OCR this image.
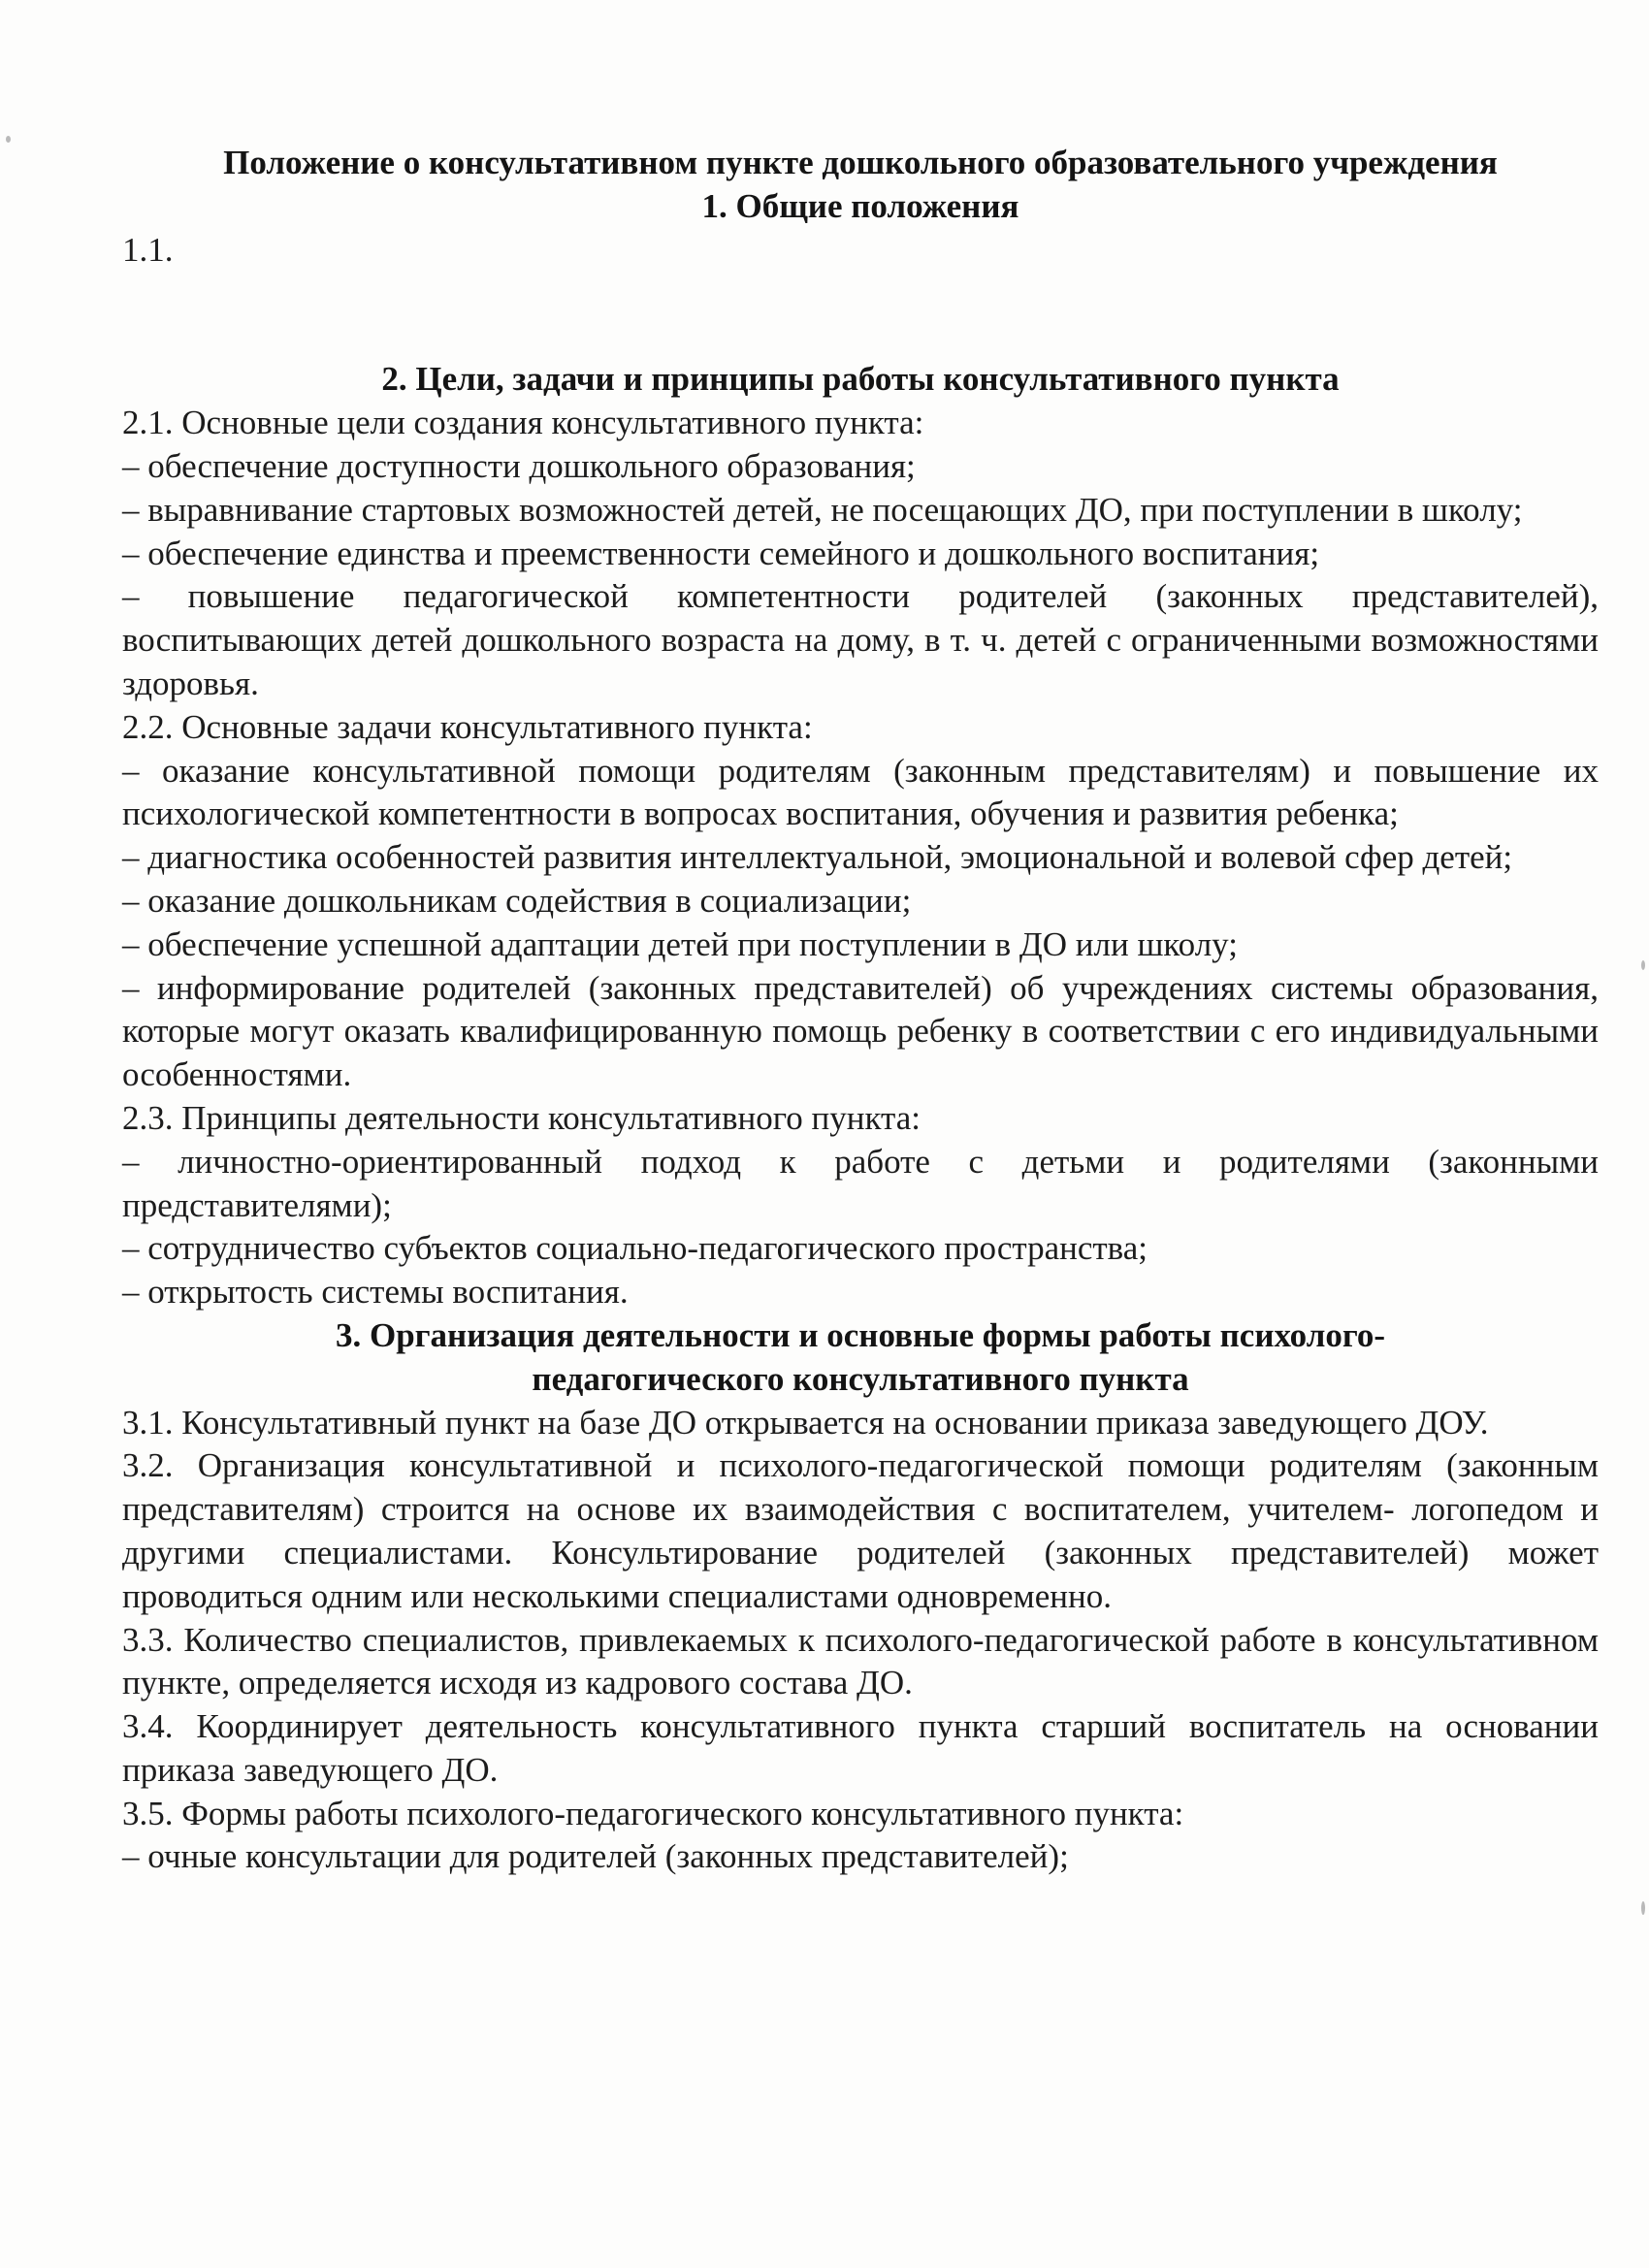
Положение о консультативном пункте дошкольного образовательного учреждения
1. Общие положения

1.1.

2. Цели, задачи и принципы работы консультативного пункта

2.1. Основные цели создания консультативного пункта:

– обеспечение доступности дошкольного образования;

– выравнивание стартовых возможностей детей, не посещающих ДО, при поступлении в школу;

– обеспечение единства и преемственности семейного и дошкольного воспитания;

– повышение педагогической компетентности родителей (законных представителей), воспитывающих детей дошкольного возраста на дому, в т. ч. детей с ограниченными возможностями здоровья.

2.2. Основные задачи консультативного пункта:

– оказание консультативной помощи родителям (законным представителям) и повышение их психологической компетентности в вопросах воспитания, обучения и развития ребенка;

– диагностика особенностей развития интеллектуальной, эмоциональной и волевой сфер детей;

– оказание дошкольникам содействия в социализации;

– обеспечение успешной адаптации детей при поступлении в ДО или школу;

– информирование родителей (законных представителей) об учреждениях системы образования, которые могут оказать квалифицированную помощь ребенку в соответствии с его индивидуальными особенностями.

2.3. Принципы деятельности консультативного пункта:

– личностно-ориентированный подход к работе с детьми и родителями (законными представителями);

– сотрудничество субъектов социально-педагогического пространства;

– открытость системы воспитания.

3. Организация деятельности и основные формы работы психолого-
педагогического консультативного пункта

3.1. Консультативный пункт на базе ДО открывается на основании приказа заведующего ДОУ.

3.2. Организация консультативной и психолого-педагогической помощи родителям (законным представителям) строится на основе их взаимодействия с воспитателем, учителем- логопедом и другими специалистами. Консультирование родителей (законных представителей) может проводиться одним или несколькими специалистами одновременно.

3.3. Количество специалистов, привлекаемых к психолого-педагогической работе в консультативном пункте, определяется исходя из кадрового состава ДО.

3.4. Координирует деятельность консультативного пункта старший воспитатель на основании приказа заведующего ДО.

3.5. Формы работы психолого-педагогического консультативного пункта:

– очные консультации для родителей (законных представителей);
